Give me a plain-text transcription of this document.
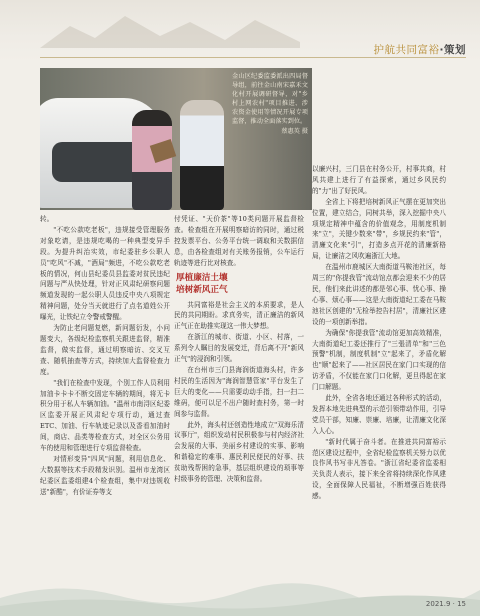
护航共同富裕·策划
金山区纪委监委派出四局督导组，前往金山南宋嘉禾文化村开展调研督导，对"乡村上网农村"项目推进、涉农资金使用等情况开展专项监督，推动全面落实到位。
蔡惠英 摄

转。

"不吃公款吃老板"，违规接受管理服务对象吃请，是违规吃喝的一种典型变异手段。为提升纠治实效，市纪委驻乡公职人员"吃风"不减，"酒局"频进，不吃公款吃老板的情况，何山县纪委员县监委对贫民违纪问题与严从快处理，针对正风肃纪研察问题频道发现的一起公职人员违反中央八项规定精神问题，处分当天就进行了点名道姓公开曝光，让铁纪立令警戒警醒。

为防止老问题复燃，新问题衍发，小问题变大，各级纪检监察机关跟进监督，精准监督，做实监督，通过明察暗访、交叉互查、随机抽查等方式，持续加大监督检查力度。

"我们在检查中发现，个别工作人员利用加油卡卡卡不断交固定车辆的期间，将无卡积分用于私人车辆加油。"温州市南浔区纪委区监委开展正风肃纪专项行动，通过查ETC、加油、行车轨迹记录以及香看加油时间，商店、品类等检查方式，对全区公务用车的使用和管理进行专项监督检查。

对情形变异"四风"问题，利用信息化、大数据等技术手段精发识别。温州市龙湾区纪委区监委组建4个检查组，集中对违规收送"新酷"，有价证券等支

付凭证、"天价茶"等10类问题开展监督检查。检查组在开展明察暗访的同时，通过税控发票平台、公务平台统一调取和关数据信息，由各检查组对有关账务报销，公车运行轨迹等进行比对核查。

厚植廉洁土壤
培树新风正气

共同富裕是社会主义的本质要求，是人民的共同期盼。求真务实，清正廉洁的新风正气正在助推实现这一伟大梦想。

在浙江的城市、街道、小区、村落，一系列令人瞩目的发展变迁，背后离不开"新风正气"的浸润和引领。

在台州市三门县海润街道海头村，许多村民的生活因为"海润智慧管家"平台发生了巨大的变化——只需要动动手指，扫一扫二维码，便可以足不出户随时查村务，第一时间参与监督。

此外，海头村还创造性地成立"双海乐清议事厅"，组织发动村民积极参与村内经济社会发展的大事、美丽乡村建设的实事、影响和谐稳定的难事、惠民利民便民的好事、扶贫助残帮困的急事，基层组织建设的琐事等村级事务的管理、决策和监督。

以廉兴村，三门县在村务公开，村事共商，村风共建上进行了有益探索，通过乡风民约的"力"出了好民风。

全省上下将把培树新风正气摆在更加突出位置，建立结合，同树共举，深入挖掘中央八项规定精神中蕴含的价值观念，用制度机制来"立"，关键少数来"带"，乡规民约来"管"，清廉文化来"引"，打造多点开花的清廉新格局，让廉洁之风吹遍浙江大地。

在温州市鹿城区大南街道马鞍池社区，每周三的"你提我管"流动馆点都会迎来不少的居民，他们来此讲述的都是邻心事、忧心事、操心事、烦心事——这是大南街道纪工委在马鞍池社区创建的"无检举控告村居"，清廉社区建设的一项创新举措。

为确保"你提我管"流动馆更加高效精准，大南街道纪工委还推行了"三張清单"和"三色预警"机制，制度机制"立"起来了，矛盾化解也"顺"起来了——社区居民在家门口实现的信访矛盾，不仅能在家门口化解，更旦得起在家门口解题。

此外，全省各地还通过各种形式的活动，发挥本地先进典型的示范引领带动作用，引导党员干部，知廉、崇廉、培廉，让清廉文化深入人心。

"新时代属于奋斗者。在推进共同富裕示范区建设过程中，全省纪检监察机关努力以优良作风书写非凡答卷。"浙江省纪委省监委相关负责人表示，接下来全省将持续深化作风建设，全面保障人民福祉，不断增强百姓获得感。

2021.9 · 15
